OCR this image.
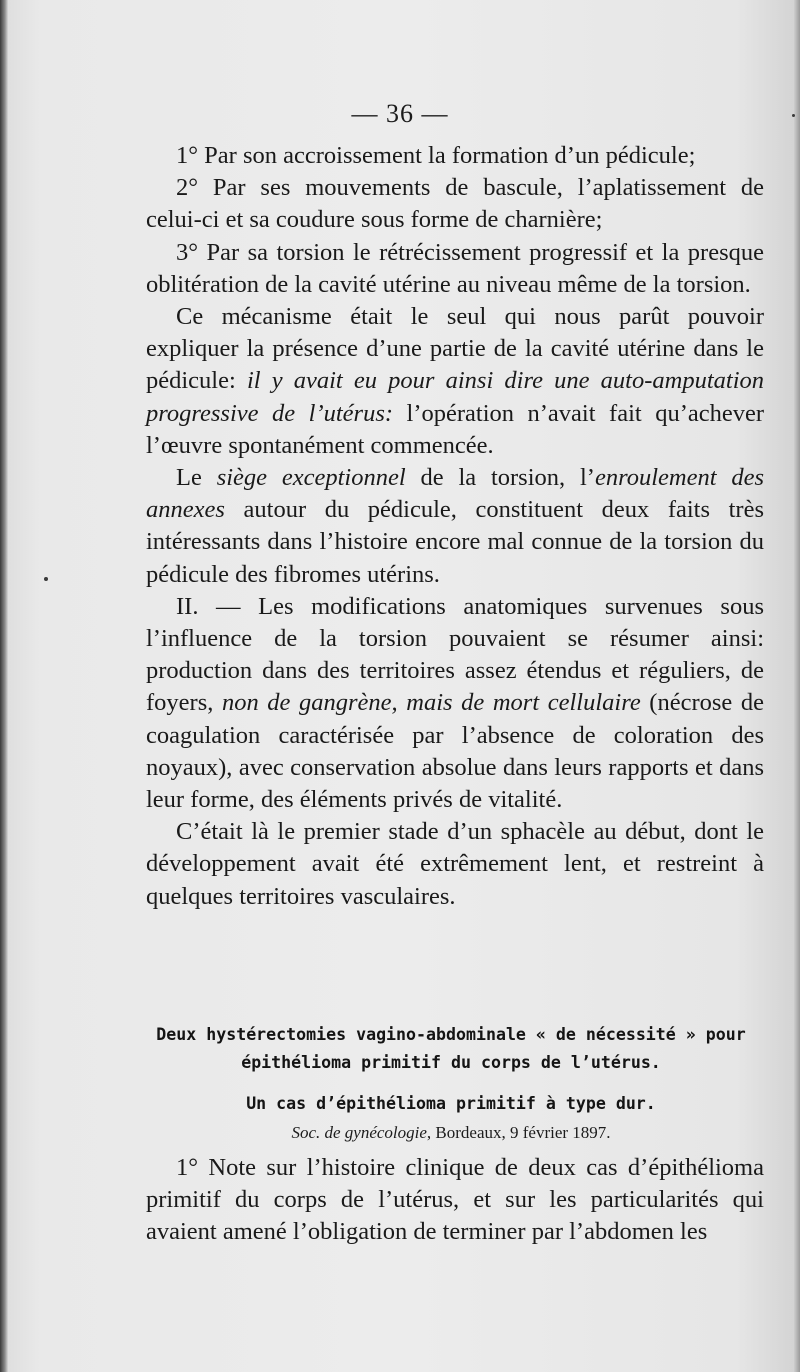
— 36 —

1° Par son accroissement la formation d’un pédicule;

2° Par ses mouvements de bascule, l’aplatissement de celui-ci et sa coudure sous forme de charnière;

3° Par sa torsion le rétrécissement progressif et la presque oblitération de la cavité utérine au niveau même de la torsion.

Ce mécanisme était le seul qui nous parût pouvoir expliquer la présence d’une partie de la cavité utérine dans le pédicule: il y avait eu pour ainsi dire une auto-amputation progressive de l’utérus: l’opération n’avait fait qu’achever l’œuvre spontanément commencée.

Le siège exceptionnel de la torsion, l’enroulement des annexes autour du pédicule, constituent deux faits très intéressants dans l’histoire encore mal connue de la torsion du pédicule des fibromes utérins.

II. — Les modifications anatomiques survenues sous l’influence de la torsion pouvaient se résumer ainsi: production dans des territoires assez étendus et réguliers, de foyers, non de gangrène, mais de mort cellulaire (nécrose de coagulation caractérisée par l’absence de coloration des noyaux), avec conservation absolue dans leurs rapports et dans leur forme, des éléments privés de vitalité.

C’était là le premier stade d’un sphacèle au début, dont le développement avait été extrêmement lent, et restreint à quelques territoires vasculaires.

Deux hystérectomies vagino-abdominale « de nécessité » pour épithélioma primitif du corps de l’utérus.
Un cas d’épithélioma primitif à type dur.
Soc. de gynécologie, Bordeaux, 9 février 1897.

1° Note sur l’histoire clinique de deux cas d’épithélioma primitif du corps de l’utérus, et sur les particularités qui avaient amené l’obligation de terminer par l’abdomen les
